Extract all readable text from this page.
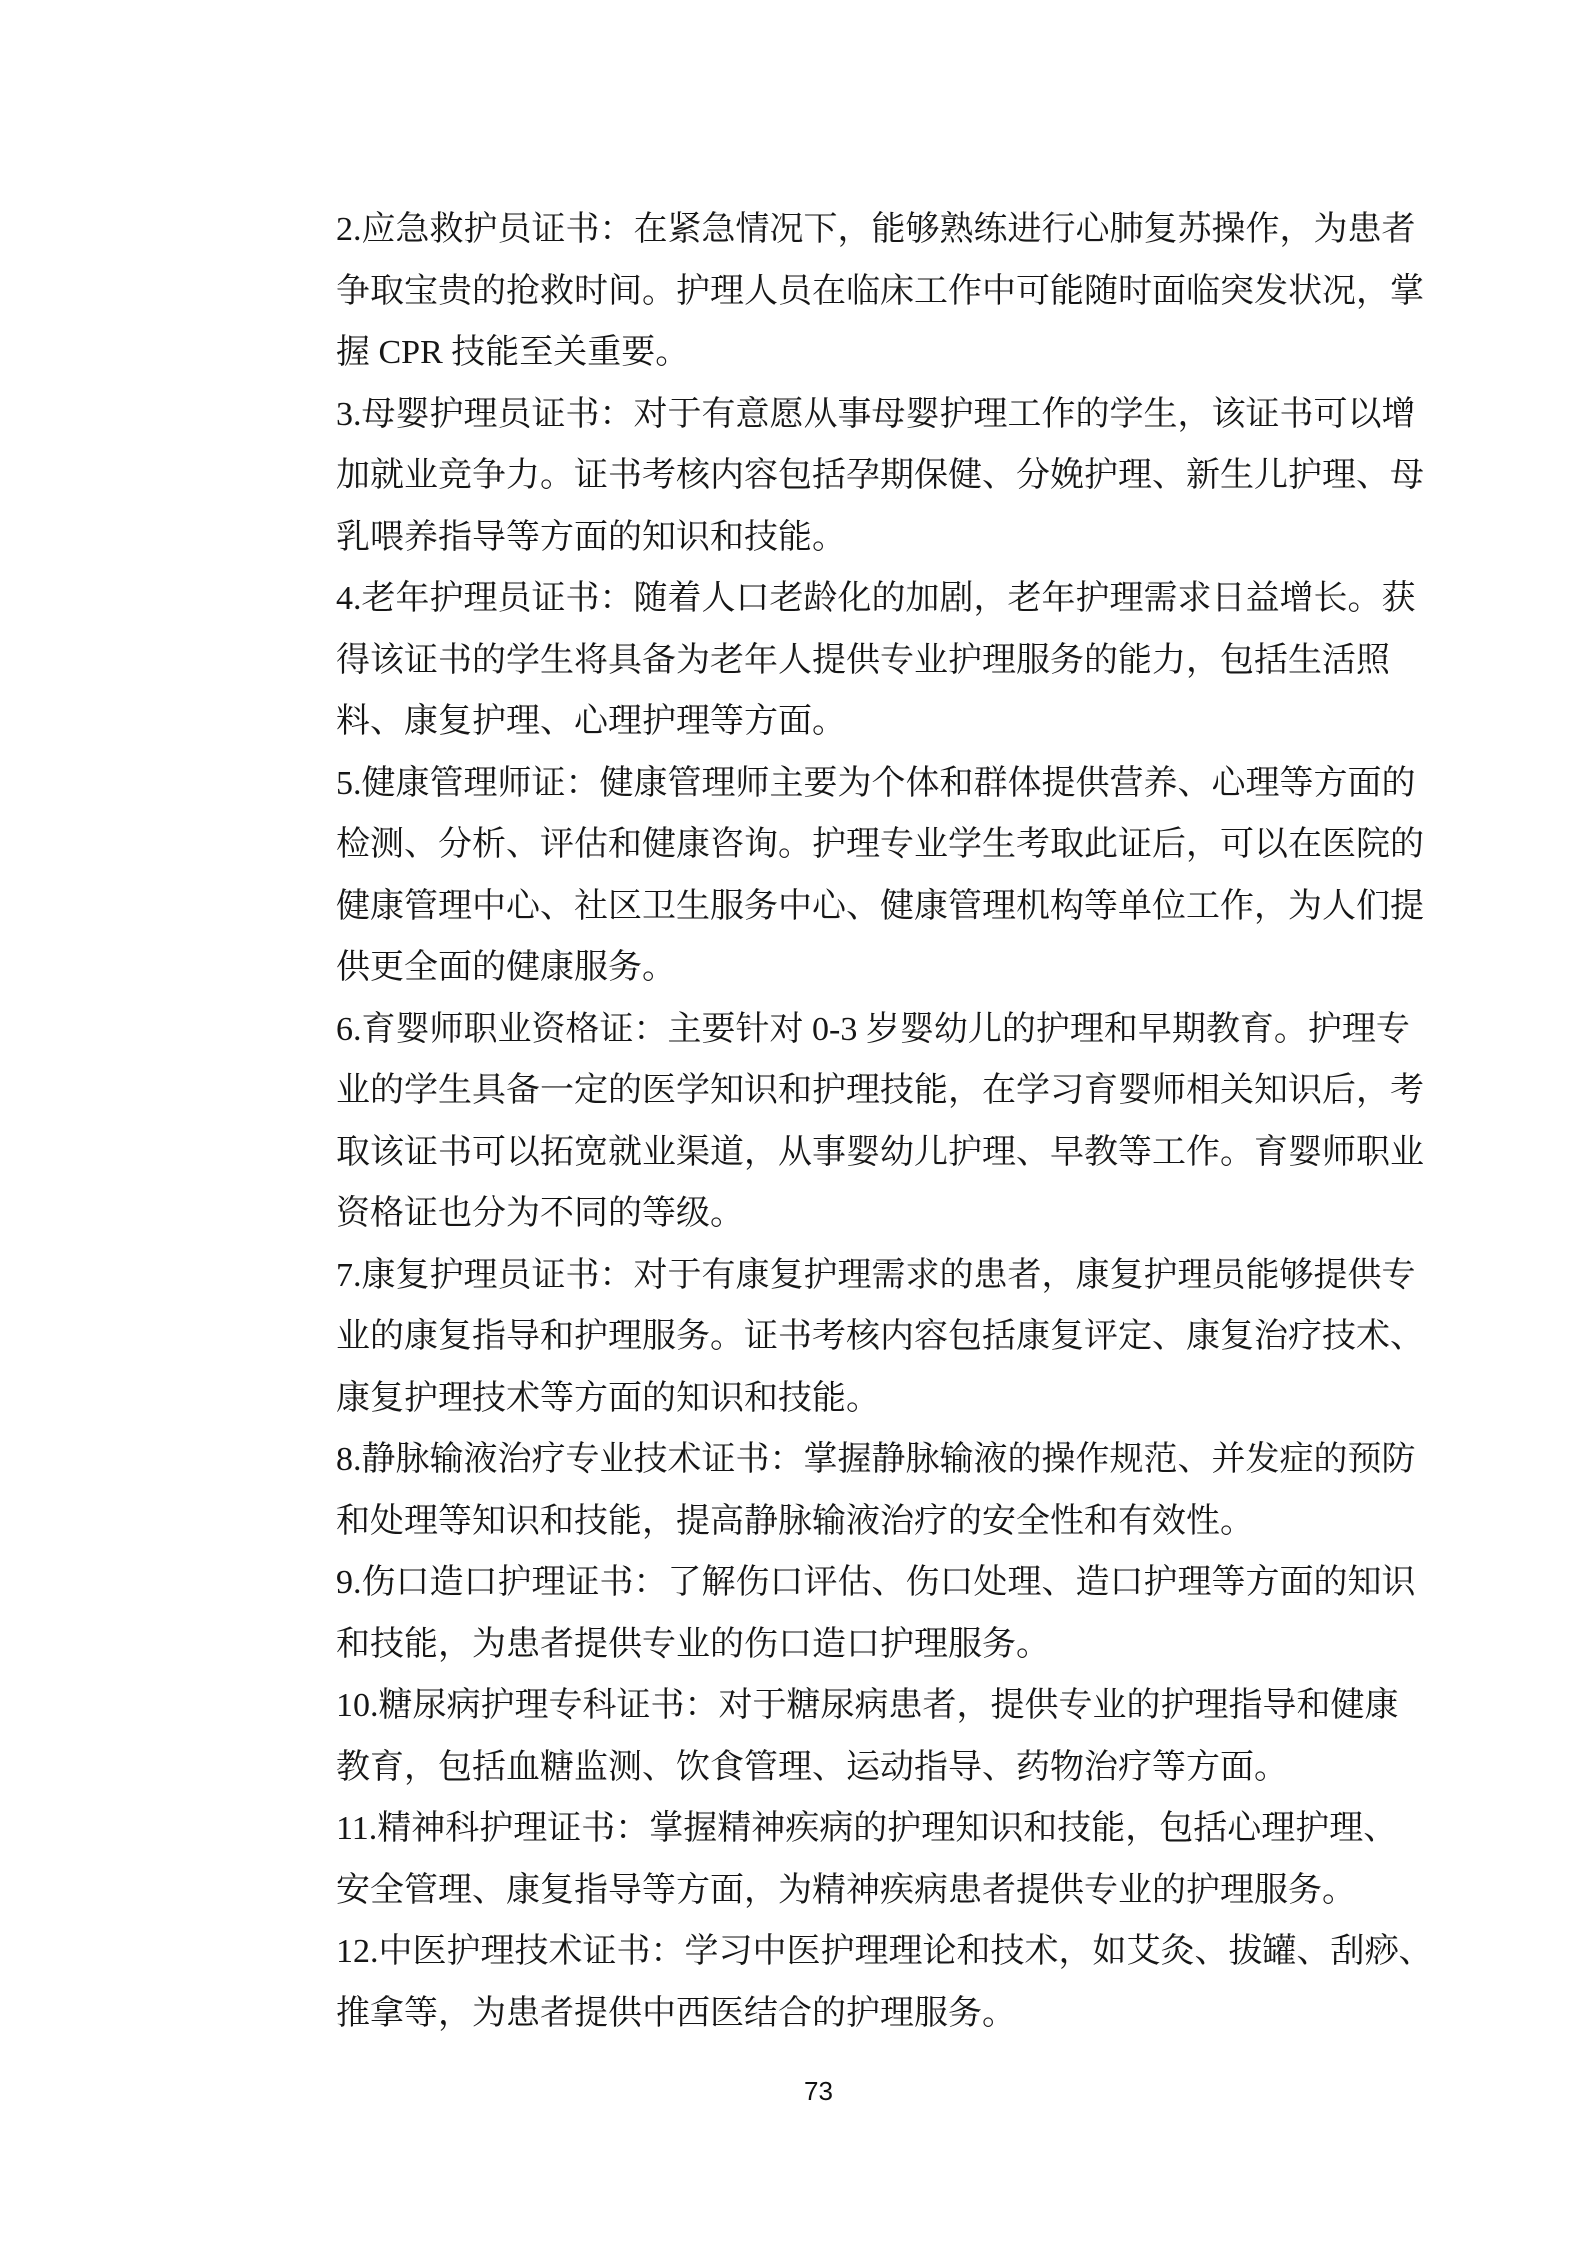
2.应急救护员证书：在紧急情况下，能够熟练进行心肺复苏操作，为患者
争取宝贵的抢救时间。护理人员在临床工作中可能随时面临突发状况，掌
握 CPR 技能至关重要。
3.母婴护理员证书：对于有意愿从事母婴护理工作的学生，该证书可以增
加就业竞争力。证书考核内容包括孕期保健、分娩护理、新生儿护理、母
乳喂养指导等方面的知识和技能。
4.老年护理员证书：随着人口老龄化的加剧，老年护理需求日益增长。获
得该证书的学生将具备为老年人提供专业护理服务的能力，包括生活照
料、康复护理、心理护理等方面。
5.健康管理师证：健康管理师主要为个体和群体提供营养、心理等方面的
检测、分析、评估和健康咨询。护理专业学生考取此证后，可以在医院的
健康管理中心、社区卫生服务中心、健康管理机构等单位工作，为人们提
供更全面的健康服务。
6.育婴师职业资格证：主要针对 0-3 岁婴幼儿的护理和早期教育。护理专
业的学生具备一定的医学知识和护理技能，在学习育婴师相关知识后，考
取该证书可以拓宽就业渠道，从事婴幼儿护理、早教等工作。育婴师职业
资格证也分为不同的等级。
7.康复护理员证书：对于有康复护理需求的患者，康复护理员能够提供专
业的康复指导和护理服务。证书考核内容包括康复评定、康复治疗技术、
康复护理技术等方面的知识和技能。
8.静脉输液治疗专业技术证书：掌握静脉输液的操作规范、并发症的预防
和处理等知识和技能，提高静脉输液治疗的安全性和有效性。
9.伤口造口护理证书：了解伤口评估、伤口处理、造口护理等方面的知识
和技能，为患者提供专业的伤口造口护理服务。
10.糖尿病护理专科证书：对于糖尿病患者，提供专业的护理指导和健康
教育，包括血糖监测、饮食管理、运动指导、药物治疗等方面。
11.精神科护理证书：掌握精神疾病的护理知识和技能，包括心理护理、
安全管理、康复指导等方面，为精神疾病患者提供专业的护理服务。
12.中医护理技术证书：学习中医护理理论和技术，如艾灸、拔罐、刮痧、
推拿等，为患者提供中西医结合的护理服务。
73
